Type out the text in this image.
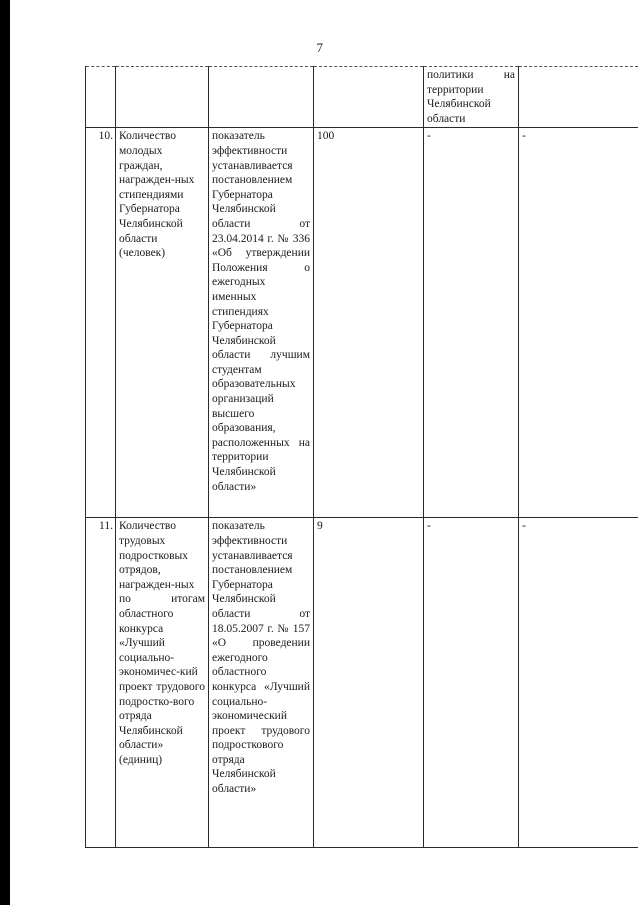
7
				политики на территории Челябинской области	
10.	Количество молодых граждан, награжден-ных стипендиями Губернатора Челябинской области (человек)	показатель эффективности устанавливается постановлением Губернатора Челябинской области от 23.04.2014 г. № 336 «Об утверждении Положения о ежегодных именных стипендиях Губернатора Челябинской области лучшим студентам образовательных организаций высшего образования, расположенных на территории Челябинской области»	100	-	-
11.	Количество трудовых подростковых отрядов, награжден-ных по итогам областного конкурса «Лучший социально-экономичес-кий проект трудового подростко-вого отряда Челябинской области» (единиц)	показатель эффективности устанавливается постановлением Губернатора Челябинской области от 18.05.2007 г. № 157 «О проведении ежегодного областного конкурса «Лучший социально-экономический проект трудового подросткового отряда Челябинской области»	9	-	-
